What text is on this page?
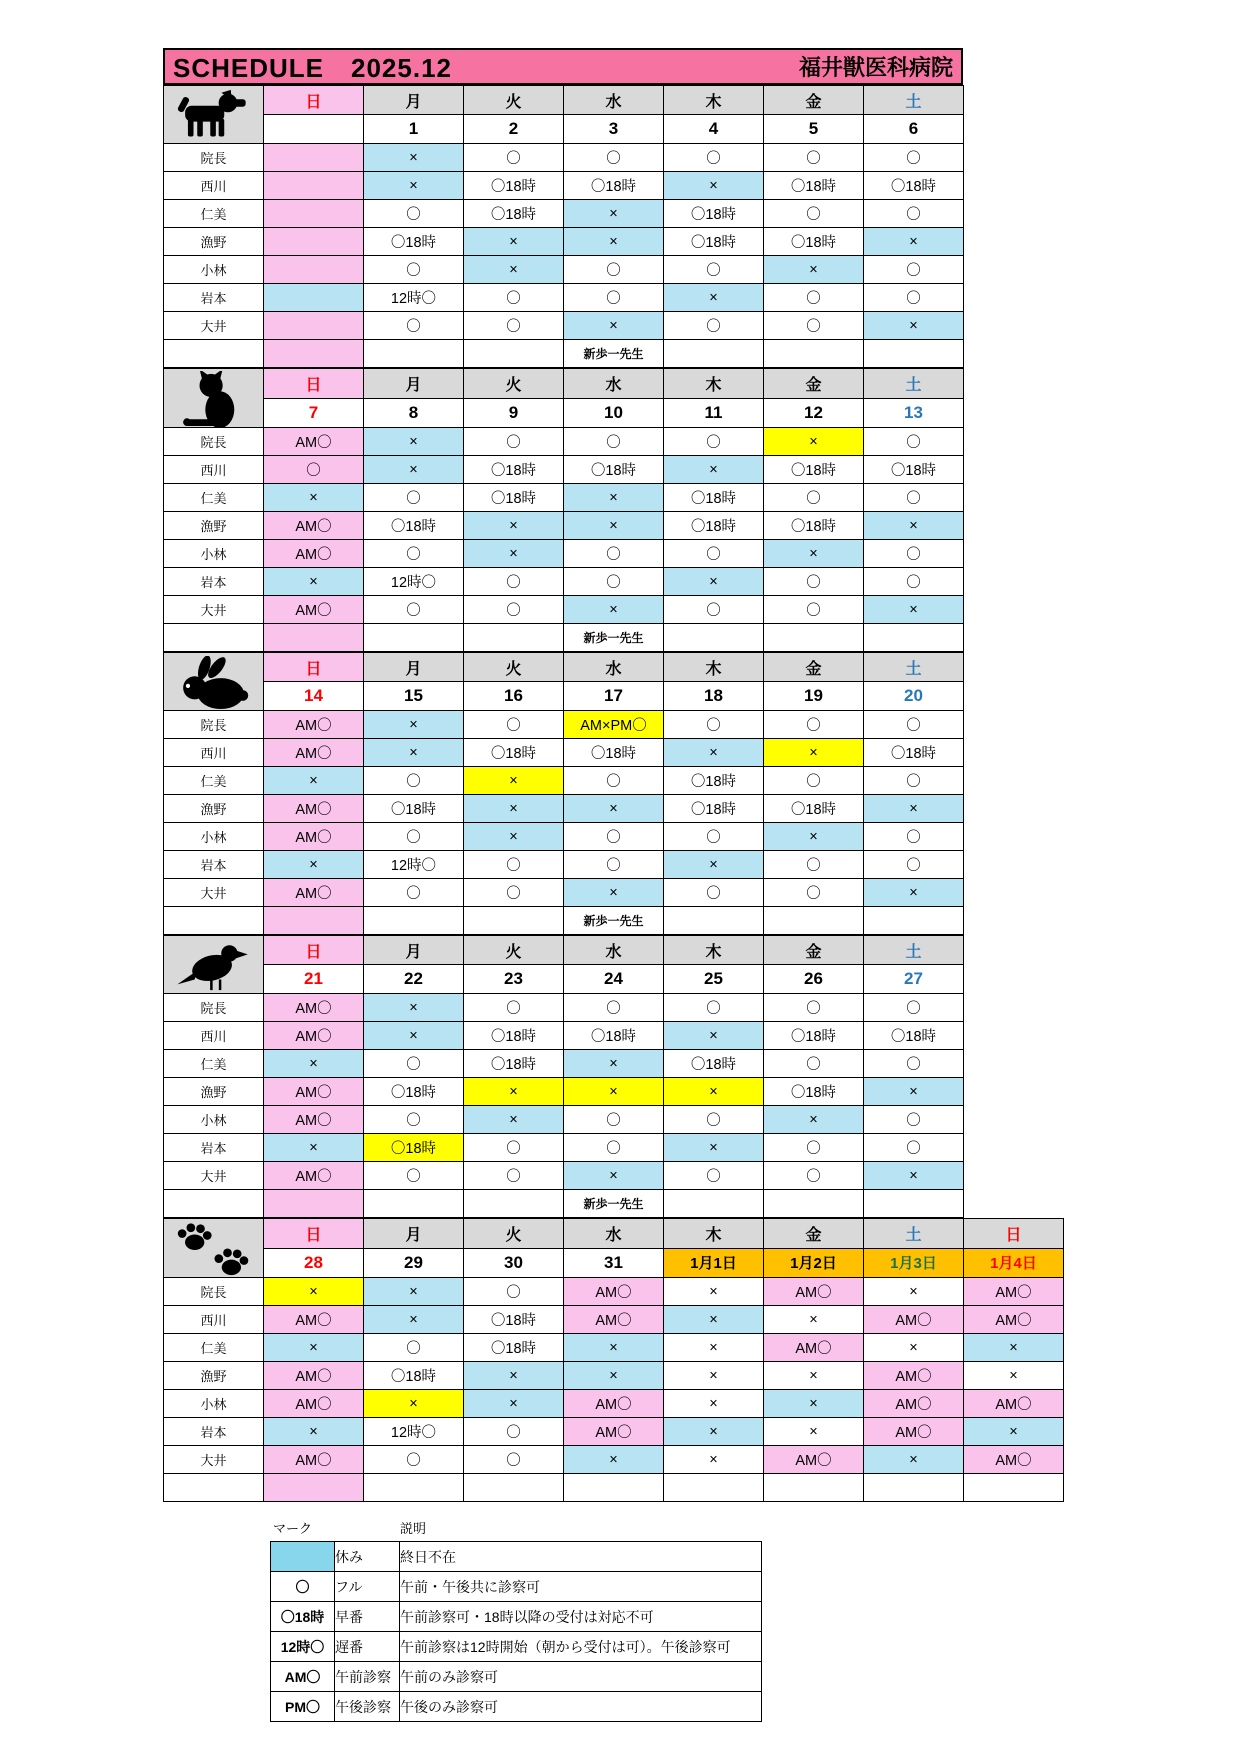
SCHEDULE　2025.12	福井獣医科病院
	日	月	火	水	木	金	土
		1	2	3	4	5	6
院長		×	〇	〇	〇	〇	〇
西川		×	〇18時	〇18時	×	〇18時	〇18時
仁美		〇	〇18時	×	〇18時	〇	〇
漁野		〇18時	×	×	〇18時	〇18時	×
小林		〇	×	〇	〇	×	〇
岩本		12時〇	〇	〇	×	〇	〇
大井		〇	〇	×	〇	〇	×
				新歩一先生			
	日	月	火	水	木	金	土
	7	8	9	10	11	12	13
院長	AM〇	×	〇	〇	〇	×	〇
西川	〇	×	〇18時	〇18時	×	〇18時	〇18時
仁美	×	〇	〇18時	×	〇18時	〇	〇
漁野	AM〇	〇18時	×	×	〇18時	〇18時	×
小林	AM〇	〇	×	〇	〇	×	〇
岩本	×	12時〇	〇	〇	×	〇	〇
大井	AM〇	〇	〇	×	〇	〇	×
				新歩一先生			
	日	月	火	水	木	金	土
	14	15	16	17	18	19	20
院長	AM〇	×	〇	AM×PM〇	〇	〇	〇
西川	AM〇	×	〇18時	〇18時	×	×	〇18時
仁美	×	〇	×	〇	〇18時	〇	〇
漁野	AM〇	〇18時	×	×	〇18時	〇18時	×
小林	AM〇	〇	×	〇	〇	×	〇
岩本	×	12時〇	〇	〇	×	〇	〇
大井	AM〇	〇	〇	×	〇	〇	×
				新歩一先生			
	日	月	火	水	木	金	土
	21	22	23	24	25	26	27
院長	AM〇	×	〇	〇	〇	〇	〇
西川	AM〇	×	〇18時	〇18時	×	〇18時	〇18時
仁美	×	〇	〇18時	×	〇18時	〇	〇
漁野	AM〇	〇18時	×	×	×	〇18時	×
小林	AM〇	〇	×	〇	〇	×	〇
岩本	×	〇18時	〇	〇	×	〇	〇
大井	AM〇	〇	〇	×	〇	〇	×
				新歩一先生			
	日	月	火	水	木	金	土	日
	28	29	30	31	1月1日	1月2日	1月3日	1月4日
院長	×	×	〇	AM〇	×	AM〇	×	AM〇
西川	AM〇	×	〇18時	AM〇	×	×	AM〇	AM〇
仁美	×	〇	〇18時	×	×	AM〇	×	×
漁野	AM〇	〇18時	×	×	×	×	AM〇	×
小林	AM〇	×	×	AM〇	×	×	AM〇	AM〇
岩本	×	12時〇	〇	AM〇	×	×	AM〇	×
大井	AM〇	〇	〇	×	×	AM〇	×	AM〇

マーク	説明
	休み	終日不在
〇	フル	午前・午後共に診察可
〇18時	早番	午前診察可・18時以降の受付は対応不可
12時〇	遅番	午前診察は12時開始（朝から受付は可）。午後診察可
AM〇	午前診察	午前のみ診察可
PM〇	午後診察	午後のみ診察可
